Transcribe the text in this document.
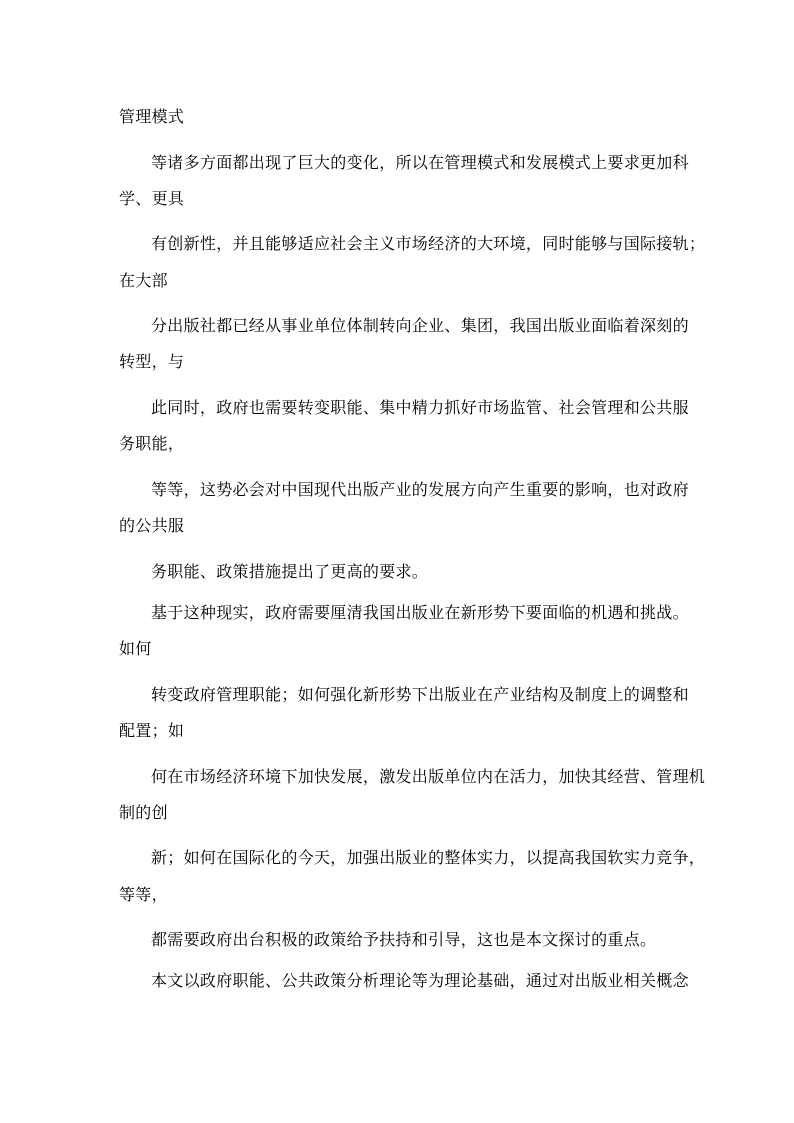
管理模式
等诸多方面都出现了巨大的变化，所以在管理模式和发展模式上要求更加科
学、更具
有创新性，并且能够适应社会主义市场经济的大环境，同时能够与国际接轨；
在大部
分出版社都已经从事业单位体制转向企业、集团，我国出版业面临着深刻的
转型，与
此同时，政府也需要转变职能、集中精力抓好市场监管、社会管理和公共服
务职能，
等等，这势必会对中国现代出版产业的发展方向产生重要的影响，也对政府
的公共服
务职能、政策措施提出了更高的要求。
基于这种现实，政府需要厘清我国出版业在新形势下要面临的机遇和挑战。
如何
转变政府管理职能；如何强化新形势下出版业在产业结构及制度上的调整和
配置；如
何在市场经济环境下加快发展，激发出版单位内在活力，加快其经营、管理机
制的创
新；如何在国际化的今天，加强出版业的整体实力，以提高我国软实力竞争，
等等，
都需要政府出台积极的政策给予扶持和引导，这也是本文探讨的重点。
本文以政府职能、公共政策分析理论等为理论基础，通过对出版业相关概念
